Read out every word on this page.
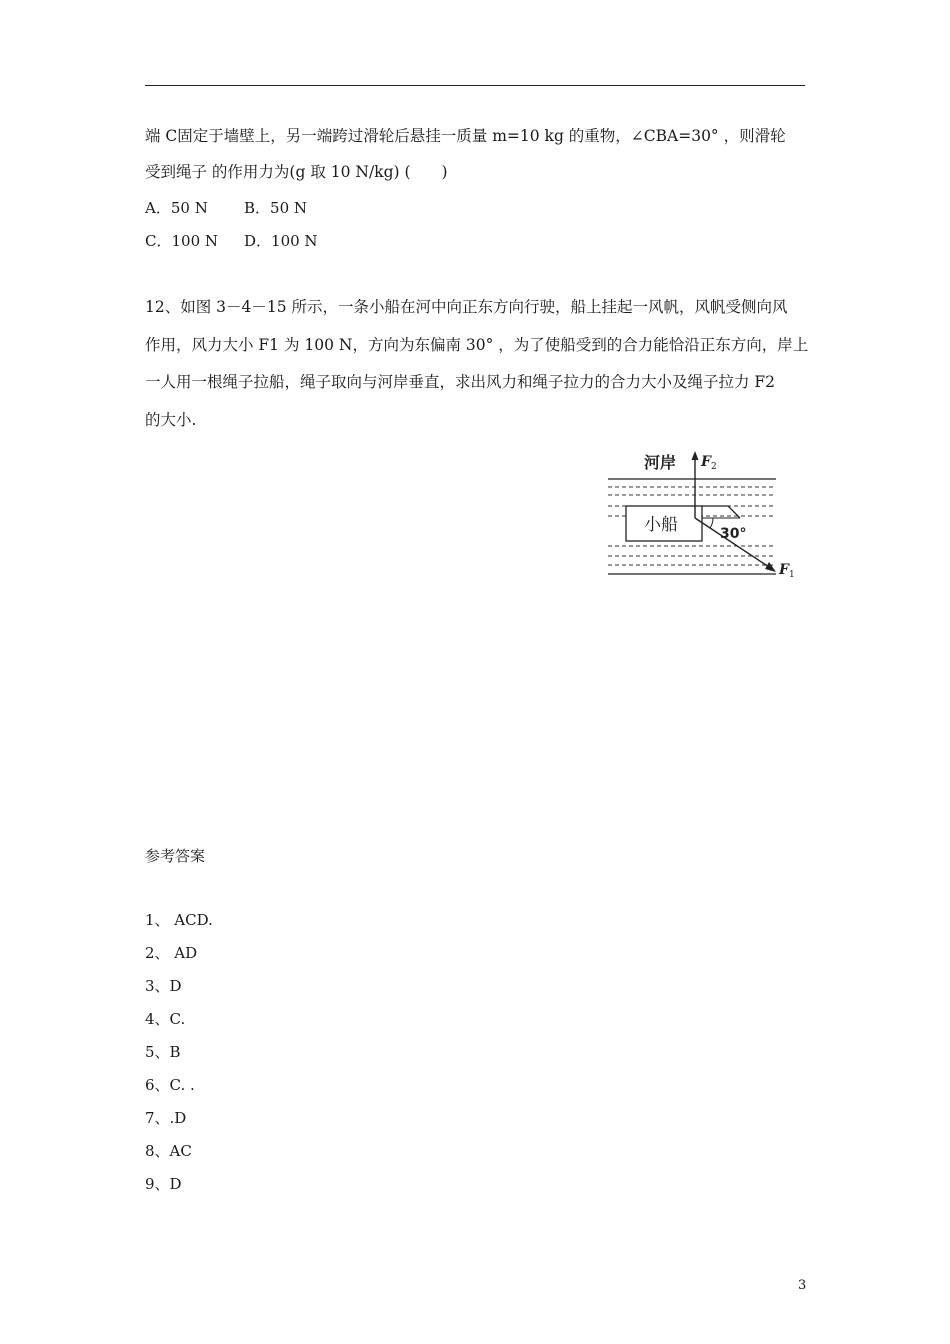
端 C固定于墙壁上，另一端跨过滑轮后悬挂一质量 m=10 kg 的重物，∠CBA=30° ，则滑轮
受到绳子 的作用力为(g 取 10 N/kg) (　　)
A．50 N B．50 N
C．100 N D．100 N
12、如图 3－4－15 所示，一条小船在河中向正东方向行驶，船上挂起一风帆，风帆受侧向风
作用，风力大小 F1 为 100 N，方向为东偏南 30° ，为了使船受到的合力能恰沿正东方向，岸上
一人用一根绳子拉船，绳子取向与河岸垂直，求出风力和绳子拉力的合力大小及绳子拉力 F2
的大小.
河岸 F 2
小船	30°
F 1
参考答案
1、 ACD.
2、 AD
3、D
4、C.
5、B
6、C. .
7、.D
8、AC
9、D
3
